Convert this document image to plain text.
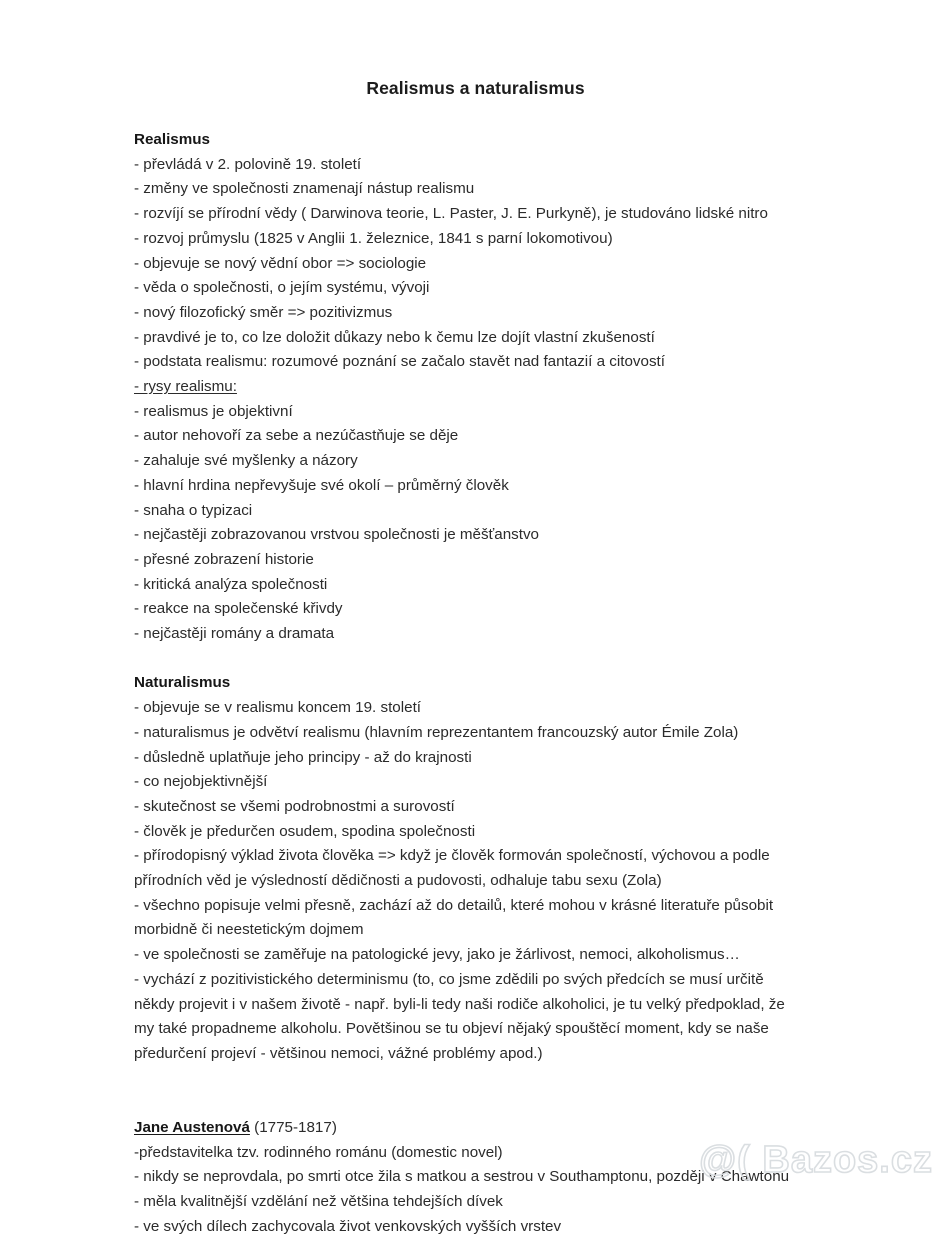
Realismus a naturalismus
Realismus
- převládá v 2. polovině 19. století
- změny ve společnosti znamenají nástup realismu
- rozvíjí se přírodní vědy ( Darwinova teorie, L. Paster, J. E. Purkyně), je studováno lidské nitro
- rozvoj průmyslu (1825 v Anglii 1. železnice, 1841 s parní lokomotivou)
- objevuje se nový vědní obor => sociologie
- věda o společnosti, o jejím systému, vývoji
- nový filozofický směr => pozitivizmus
- pravdivé je to, co lze doložit důkazy nebo k čemu lze dojít vlastní zkušeností
- podstata realismu: rozumové poznání se začalo stavět nad fantazií a citovostí
- rysy realismu:
- realismus je objektivní
- autor nehovoří za sebe a nezúčastňuje se děje
- zahaluje své myšlenky a názory
- hlavní hrdina nepřevyšuje své okolí – průměrný člověk
- snaha o typizaci
- nejčastěji zobrazovanou vrstvou společnosti je měšťanstvo
- přesné zobrazení historie
- kritická analýza společnosti
- reakce na společenské křivdy
- nejčastěji romány a dramata
Naturalismus
- objevuje se v realismu koncem 19. století
- naturalismus je odvětví realismu (hlavním reprezentantem francouzský autor Émile Zola)
- důsledně uplatňuje jeho principy - až do krajnosti
- co nejobjektivnější
- skutečnost se všemi podrobnostmi a surovostí
- člověk je předurčen osudem, spodina společnosti
- přírodopisný výklad života člověka => když je člověk formován společností, výchovou a podle přírodních věd je výsledností dědičnosti a pudovosti, odhaluje tabu sexu (Zola)
- všechno popisuje velmi přesně, zachází až do detailů, které mohou v krásné literatuře působit morbidně či neestetickým dojmem
- ve společnosti se zaměřuje na patologické jevy, jako je žárlivost, nemoci, alkoholismus…
- vychází z pozitivistického determinismu (to, co jsme zdědili po svých předcích se musí určitě někdy projevit i v našem životě - např. byli-li tedy naši rodiče alkoholici, je tu velký předpoklad, že my také propadneme alkoholu. Povětšinou se tu objeví nějaký spouštěcí moment, kdy se naše předurčení projeví - většinou nemoci, vážné problémy apod.)
Jane Austenová (1775-1817)
-představitelka tzv. rodinného románu (domestic novel)
- nikdy se neprovdala, po smrti otce žila s matkou a sestrou v Southamptonu, později v Chawtonu
- měla kvalitnější vzdělání než většina tehdejších dívek
- ve svých dílech zachycovala život venkovských vyšších vrstev
@( Bazos.cz
